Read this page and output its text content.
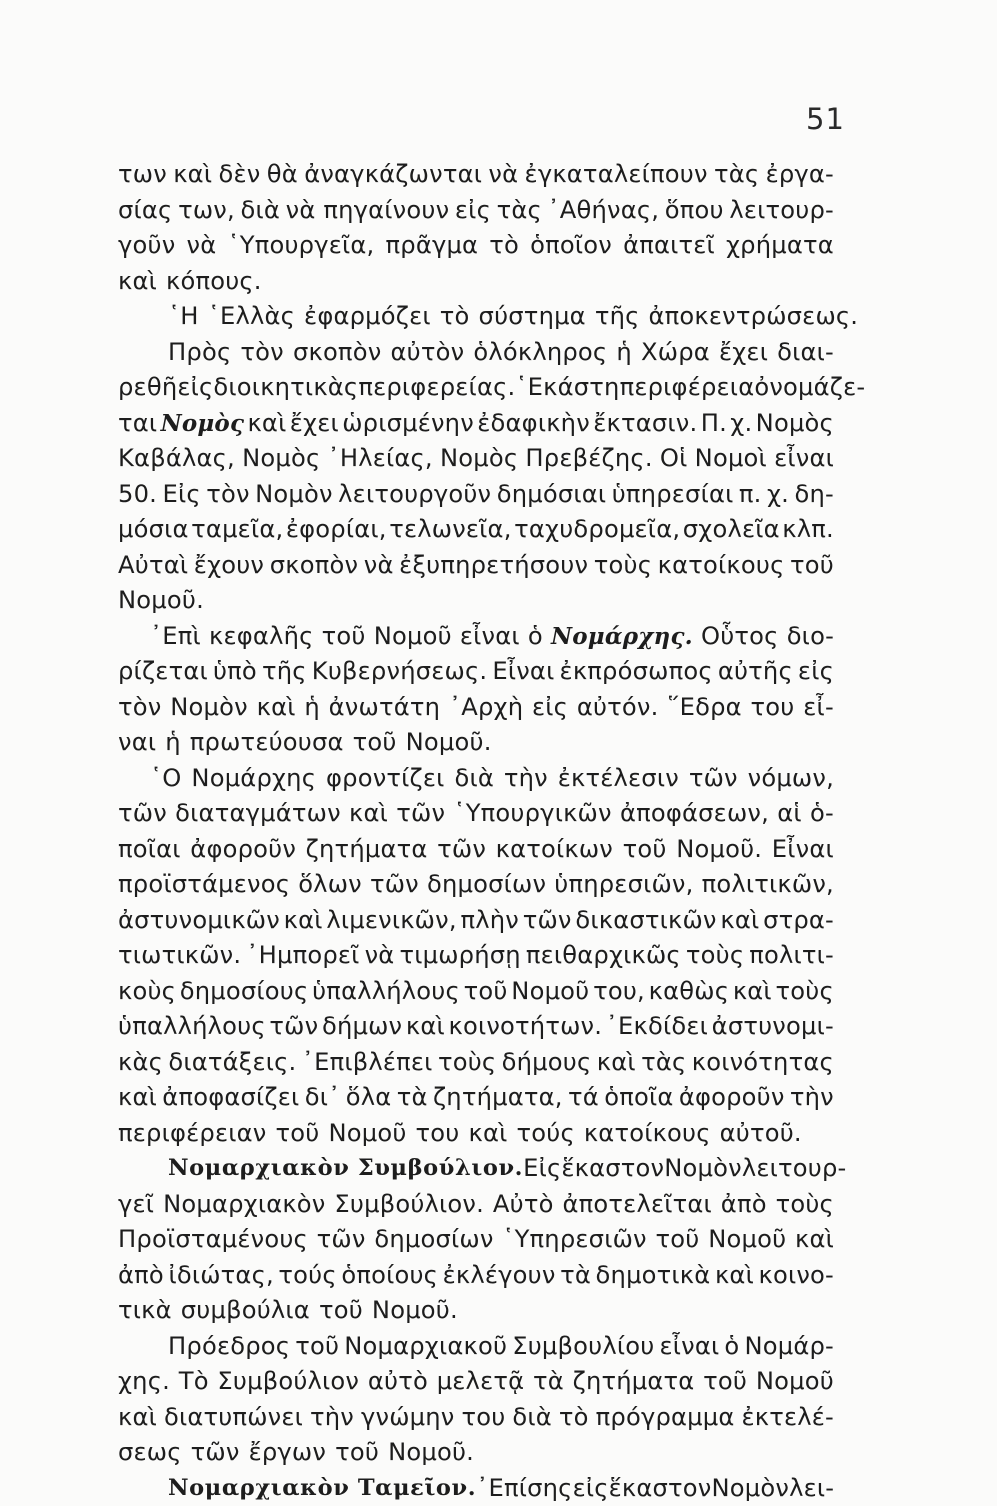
51
των καὶ δὲν θὰ ἀναγκάζωνται νὰ ἐγκαταλείπουν τὰς ἐργα-
σίας των, διὰ νὰ πηγαίνουν εἰς τὰς ᾿Αθήνας, ὅπου λειτουρ-
γοῦν νὰ ῾Υπουργεῖα, πρᾶγμα τὸ ὁποῖον ἀπαιτεῖ χρήματα
καὶ κόπους.
῾Η ῾Ελλὰς ἐφαρμόζει τὸ σύστημα τῆς ἀποκεντρώσεως.
Πρὸς τὸν σκοπὸν αὐτὸν ὁλόκληρος ἡ Χώρα ἔχει διαι-
ρεθῆ εἰς διοικητικὰς περιφερείας. ῾Εκάστη περιφέρεια ὀνομάζε-
ται Νομὸς καὶ ἔχει ὡρισμένην ἐδαφικὴν ἔκτασιν. Π. χ. Νομὸς
Καβάλας, Νομὸς ᾿Ηλείας, Νομὸς Πρεβέζης. Οἱ Νομοὶ εἶναι
50. Εἰς τὸν Νομὸν λειτουργοῦν δημόσιαι ὑπηρεσίαι π. χ. δη-
μόσια ταμεῖα, ἐφορίαι, τελωνεῖα, ταχυδρομεῖα, σχολεῖα κλπ.
Αὐταὶ ἔχουν σκοπὸν νὰ ἐξυπηρετήσουν τοὺς κατοίκους τοῦ
Νομοῦ.
᾿Επὶ κεφαλῆς τοῦ Νομοῦ εἶναι ὁ Νομάρχης. Οὗτος διο-
ρίζεται ὑπὸ τῆς Κυβερνήσεως. Εἶναι ἐκπρόσωπος αὐτῆς εἰς
τὸν Νομὸν καὶ ἡ ἀνωτάτη ᾿Αρχὴ εἰς αὐτόν. ῞Εδρα του εἶ-
ναι ἡ πρωτεύουσα τοῦ Νομοῦ.
῾Ο Νομάρχης φροντίζει διὰ τὴν ἐκτέλεσιν τῶν νόμων,
τῶν διαταγμάτων καὶ τῶν ῾Υπουργικῶν ἀποφάσεων, αἱ ὁ-
ποῖαι ἀφοροῦν ζητήματα τῶν κατοίκων τοῦ Νομοῦ. Εἶναι
προϊστάμενος ὅλων τῶν δημοσίων ὑπηρεσιῶν, πολιτικῶν,
ἀστυνομικῶν καὶ λιμενικῶν, πλὴν τῶν δικαστικῶν καὶ στρα-
τιωτικῶν. ᾿Ημπορεῖ νὰ τιμωρήσῃ πειθαρχικῶς τοὺς πολιτι-
κοὺς δημοσίους ὑπαλλήλους τοῦ Νομοῦ του, καθὼς καὶ τοὺς
ὑπαλλήλους τῶν δήμων καὶ κοινοτήτων. ᾿Εκδίδει ἀστυνομι-
κὰς διατάξεις. ᾿Επιβλέπει τοὺς δήμους καὶ τὰς κοινότητας
καὶ ἀποφασίζει δι᾿ ὅλα τὰ ζητήματα, τά ὁποῖα ἀφοροῦν τὴν
περιφέρειαν τοῦ Νομοῦ του καὶ τούς κατοίκους αὐτοῦ.
Νομαρχιακὸν Συμβούλιον. Εἰς ἕκαστον Νομὸν λειτουρ-
γεῖ Νομαρχιακὸν Συμβούλιον. Αὐτὸ ἀποτελεῖται ἀπὸ τοὺς
Προϊσταμένους τῶν δημοσίων ῾Υπηρεσιῶν τοῦ Νομοῦ καὶ
ἀπὸ ἰδιώτας, τούς ὁποίους ἐκλέγουν τὰ δημοτικὰ καὶ κοινο-
τικὰ συμβούλια τοῦ Νομοῦ.
Πρόεδρος τοῦ Νομαρχιακοῦ Συμβουλίου εἶναι ὁ Νομάρ-
χης. Τὸ Συμβούλιον αὐτὸ μελετᾷ τὰ ζητήματα τοῦ Νομοῦ
καὶ διατυπώνει τὴν γνώμην του διὰ τὸ πρόγραμμα ἐκτελέ-
σεως τῶν ἔργων τοῦ Νομοῦ.
Νομαρχιακὸν Ταμεῖον. ᾿Επίσης εἰς ἕκαστον Νομὸν λει-
